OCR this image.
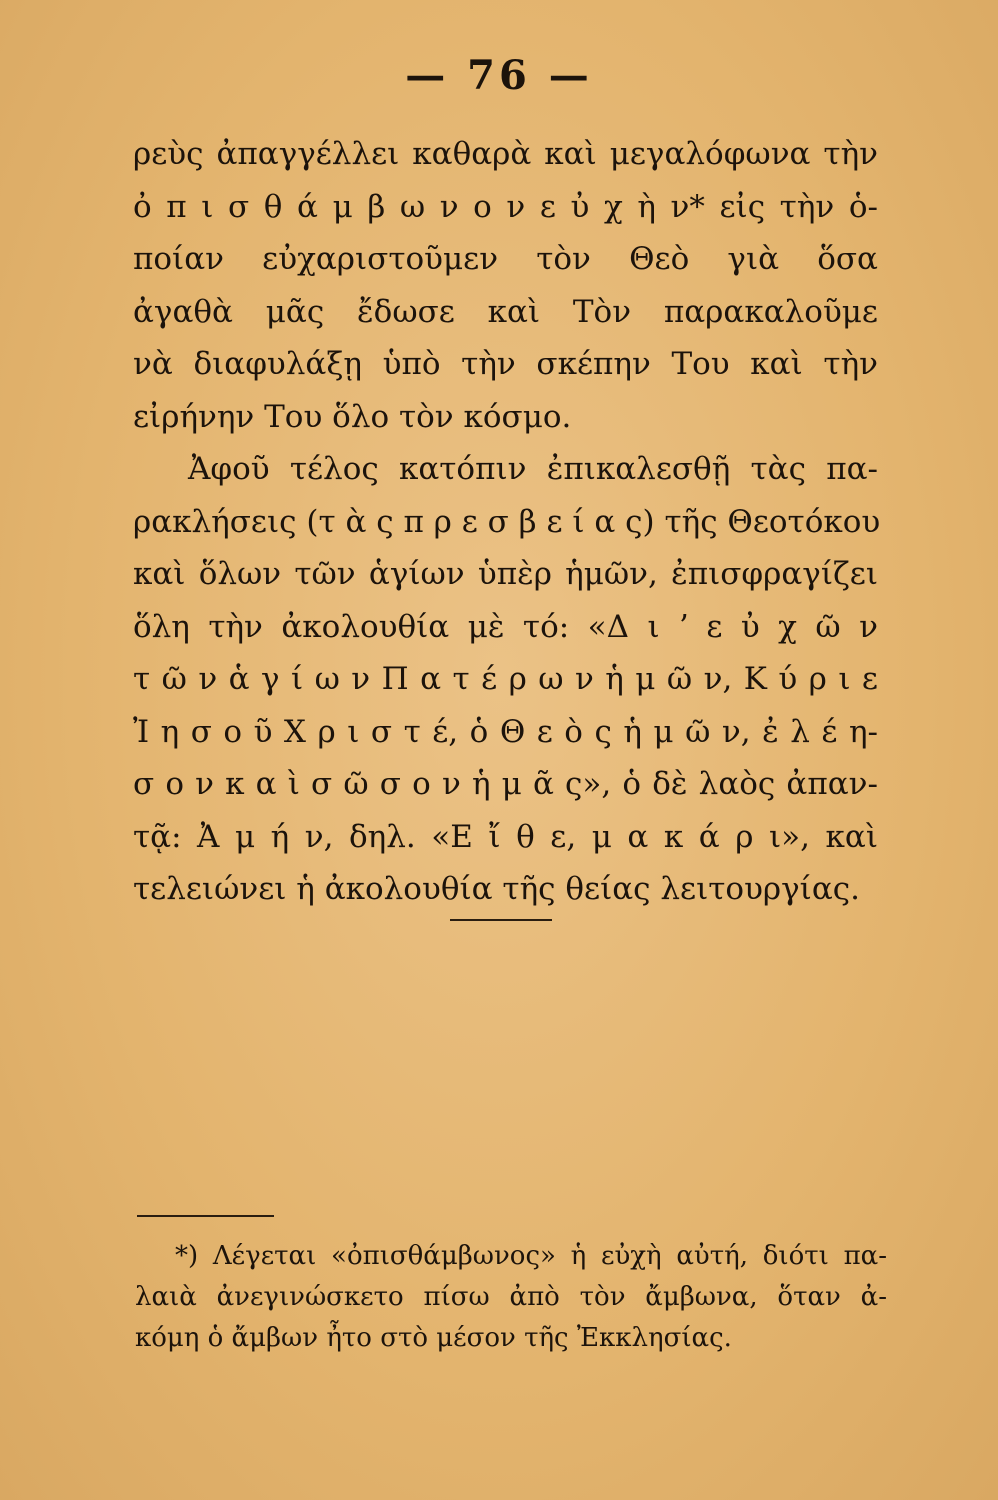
— 76 —
ρεὺς ἀπαγγέλλει καθαρὰ καὶ μεγαλόφωνα τὴν
ὀ π ι σ θ ά μ β ω ν ο ν ε ὐ χ ὴ ν* εἰς τὴν ὁ-
ποίαν εὐχαριστοῦμεν τὸν Θεὸ γιὰ ὅσα
ἀγαθὰ μᾶς ἔδωσε καὶ Τὸν παρακαλοῦμε
νὰ διαφυλάξῃ ὑπὸ τὴν σκέπην Του καὶ τὴν
εἰρήνην Του ὅλο τὸν κόσμο.
Ἀφοῦ τέλος κατόπιν ἐπικαλεσθῇ τὰς πα-
ρακλήσεις (τ ὰ ς π ρ ε σ β ε ί α ς) τῆς Θεοτόκου
καὶ ὅλων τῶν ἁγίων ὑπὲρ ἡμῶν, ἐπισφραγίζει
ὅλη τὴν ἀκολουθία μὲ τό: «Δ ι ʼ ε ὐ χ ῶ ν
τ ῶ ν ἁ γ ί ω ν Π α τ έ ρ ω ν ἡ μ ῶ ν, Κ ύ ρ ι ε
Ἰ η σ ο ῦ Χ ρ ι σ τ έ, ὁ Θ ε ὸ ς ἡ μ ῶ ν, ἐ λ έ η-
σ ο ν κ α ὶ σ ῶ σ ο ν ἡ μ ᾶ ς», ὁ δὲ λαὸς ἀπαν-
τᾷ: Ἀ μ ή ν, δηλ. «Ε ἴ θ ε, μ α κ ά ρ ι», καὶ
τελειώνει ἡ ἀκολουθία τῆς θείας λειτουργίας.
*) Λέγεται «ὀπισθάμβωνος» ἡ εὐχὴ αὐτή, διότι πα-
λαιὰ ἀνεγινώσκετο πίσω ἀπὸ τὸν ἄμβωνα, ὅταν ἀ-
κόμη ὁ ἄμβων ἦτο στὸ μέσον τῆς Ἐκκλησίας.
